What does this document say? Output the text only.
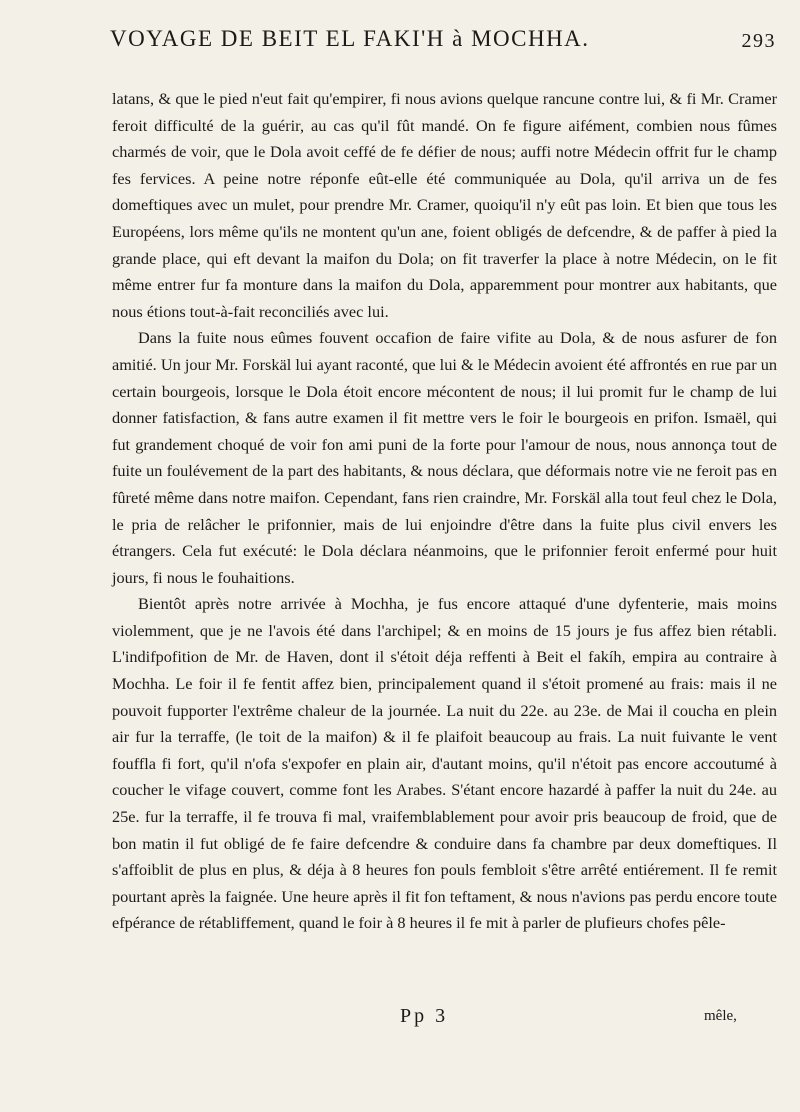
VOYAGE DE BEIT EL FAKI'H à MOCHHA.	293

latans, & que le pied n'eut fait qu'empirer, fi nous avions quelque rancune contre lui, & fi Mr. Cramer feroit difficulté de la guérir, au cas qu'il fût mandé. On fe figure aifément, combien nous fûmes charmés de voir, que le Dola avoit ceffé de fe défier de nous; auffi notre Médecin offrit fur le champ fes fervices. A peine notre réponfe eût-elle été communiquée au Dola, qu'il arriva un de fes domeftiques avec un mulet, pour prendre Mr. Cramer, quoiqu'il n'y eût pas loin. Et bien que tous les Européens, lors même qu'ils ne montent qu'un ane, foient obligés de defcendre, & de paffer à pied la grande place, qui eft devant la maifon du Dola; on fit traverfer la place à notre Médecin, on le fit même entrer fur fa monture dans la maifon du Dola, apparemment pour montrer aux habitants, que nous étions tout-à-fait reconciliés avec lui.

Dans la fuite nous eûmes fouvent occafion de faire vifite au Dola, & de nous asfurer de fon amitié. Un jour Mr. Forskäl lui ayant raconté, que lui & le Médecin avoient été affrontés en rue par un certain bourgeois, lorsque le Dola étoit encore mécontent de nous; il lui promit fur le champ de lui donner fatisfaction, & fans autre examen il fit mettre vers le foir le bourgeois en prifon. Ismaël, qui fut grandement choqué de voir fon ami puni de la forte pour l'amour de nous, nous annonça tout de fuite un foulévement de la part des habitants, & nous déclara, que déformais notre vie ne feroit pas en fûreté même dans notre maifon. Cependant, fans rien craindre, Mr. Forskäl alla tout feul chez le Dola, le pria de relâcher le prifonnier, mais de lui enjoindre d'être dans la fuite plus civil envers les étrangers. Cela fut exécuté: le Dola déclara néanmoins, que le prifonnier feroit enfermé pour huit jours, fi nous le fouhaitions.

Bientôt après notre arrivée à Mochha, je fus encore attaqué d'une dyfenterie, mais moins violemment, que je ne l'avois été dans l'archipel; & en moins de 15 jours je fus affez bien rétabli. L'indifpofition de Mr. de Haven, dont il s'étoit déja reffenti à Beit el fakíh, empira au contraire à Mochha. Le foir il fe fentit affez bien, principalement quand il s'étoit promené au frais: mais il ne pouvoit fupporter l'extrême chaleur de la journée. La nuit du 22e. au 23e. de Mai il coucha en plein air fur la terraffe, (le toit de la maifon) & il fe plaifoit beaucoup au frais. La nuit fuivante le vent fouffla fi fort, qu'il n'ofa s'expofer en plain air, d'autant moins, qu'il n'étoit pas encore accoutumé à coucher le vifage couvert, comme font les Arabes. S'étant encore hazardé à paffer la nuit du 24e. au 25e. fur la terraffe, il fe trouva fi mal, vraifemblablement pour avoir pris beaucoup de froid, que de bon matin il fut obligé de fe faire defcendre & conduire dans fa chambre par deux domeftiques. Il s'affoiblit de plus en plus, & déja à 8 heures fon pouls fembloit s'être arrêté entiérement. Il fe remit pourtant après la faignée. Une heure après il fit fon teftament, & nous n'avions pas perdu encore toute efpérance de rétabliffement, quand le foir à 8 heures il fe mit à parler de plufieurs chofes pêle-

Pp 3	mêle,
